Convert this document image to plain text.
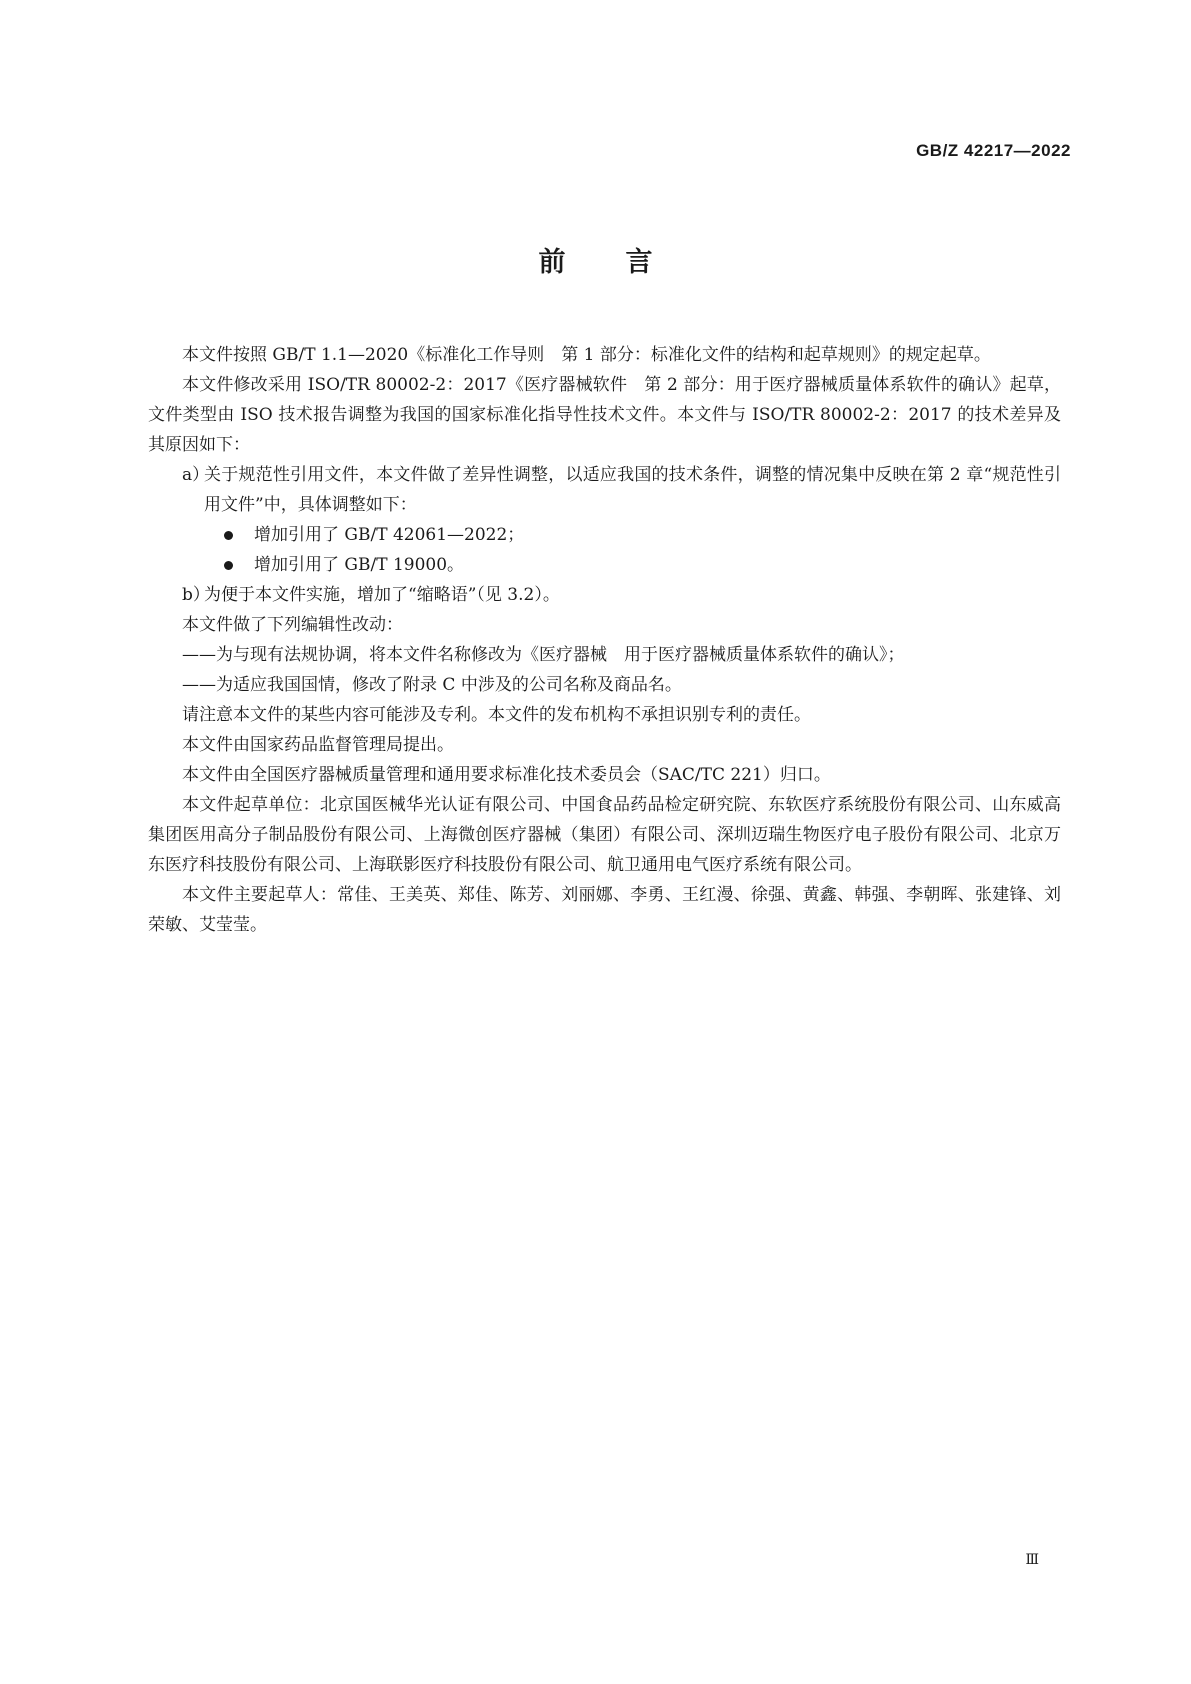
GB/Z 42217—2022
前言

本文件按照 GB/T 1.1—2020《标准化工作导则　第 1 部分：标准化文件的结构和起草规则》的规定起草。

本文件修改采用 ISO/TR 80002-2：2017《医疗器械软件　第 2 部分：用于医疗器械质量体系软件的确认》起草，文件类型由 ISO 技术报告调整为我国的国家标准化指导性技术文件。本文件与 ISO/TR 80002-2：2017 的技术差异及其原因如下：

a）
关于规范性引用文件，本文件做了差异性调整，以适应我国的技术条件，调整的情况集中反映在第 2 章“规范性引用文件”中，具体调整如下：
增加引用了 GB/T 42061—2022；
增加引用了 GB/T 19000。
b）
为便于本文件实施，增加了“缩略语”（见 3.2）。

本文件做了下列编辑性改动：

——为与现有法规协调，将本文件名称修改为《医疗器械　用于医疗器械质量体系软件的确认》；

——为适应我国国情，修改了附录 C 中涉及的公司名称及商品名。

请注意本文件的某些内容可能涉及专利。本文件的发布机构不承担识别专利的责任。

本文件由国家药品监督管理局提出。

本文件由全国医疗器械质量管理和通用要求标准化技术委员会（SAC/TC 221）归口。

本文件起草单位：北京国医械华光认证有限公司、中国食品药品检定研究院、东软医疗系统股份有限公司、山东威高集团医用高分子制品股份有限公司、上海微创医疗器械（集团）有限公司、深圳迈瑞生物医疗电子股份有限公司、北京万东医疗科技股份有限公司、上海联影医疗科技股份有限公司、航卫通用电气医疗系统有限公司。

本文件主要起草人：常佳、王美英、郑佳、陈芳、刘丽娜、李勇、王红漫、徐强、黄鑫、韩强、李朝晖、张建锋、刘荣敏、艾莹莹。

Ⅲ
